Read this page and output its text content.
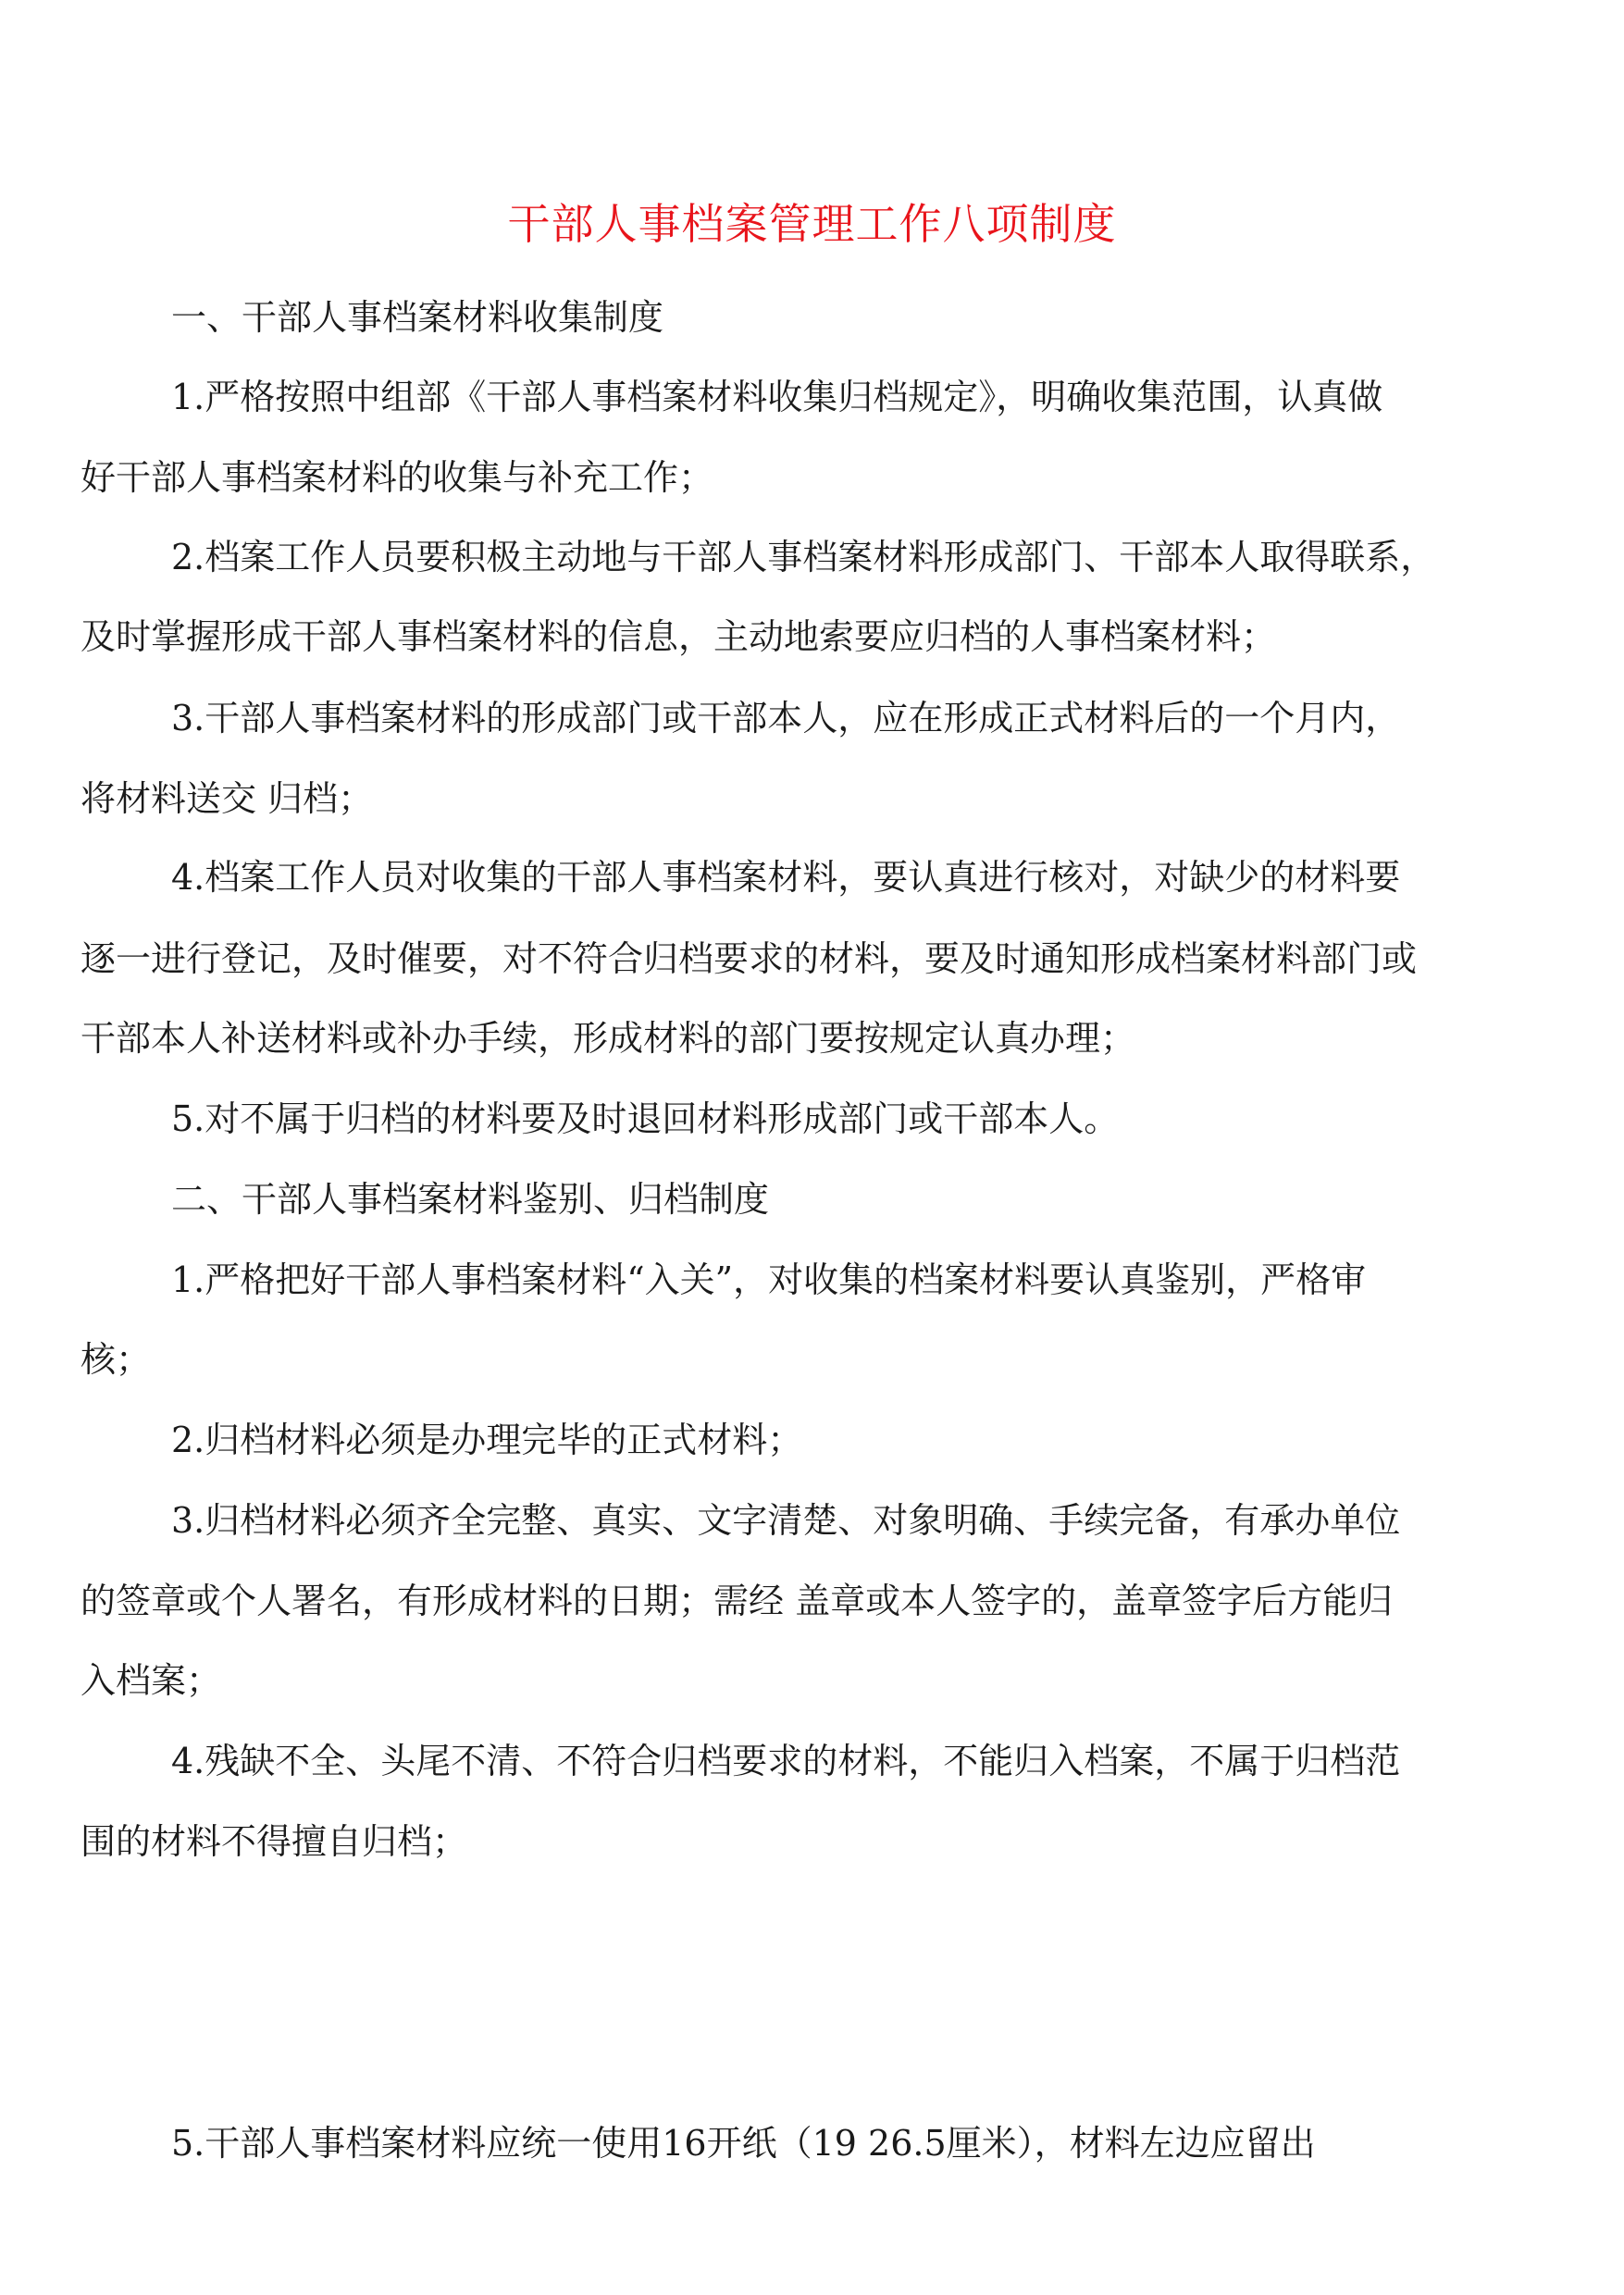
干部人事档案管理工作八项制度
一、干部人事档案材料收集制度
1.严格按照中组部《干部人事档案材料收集归档规定》，明确收集范围，认真做
好干部人事档案材料的收集与补充工作；
2.档案工作人员要积极主动地与干部人事档案材料形成部门、干部本人取得联系，
及时掌握形成干部人事档案材料的信息，主动地索要应归档的人事档案材料；
3.干部人事档案材料的形成部门或干部本人，应在形成正式材料后的一个月内，
将材料送交 归档；
4.档案工作人员对收集的干部人事档案材料，要认真进行核对，对缺少的材料要
逐一进行登记，及时催要，对不符合归档要求的材料，要及时通知形成档案材料部门或
干部本人补送材料或补办手续，形成材料的部门要按规定认真办理；
5.对不属于归档的材料要及时退回材料形成部门或干部本人。
二、干部人事档案材料鉴别、归档制度
1.严格把好干部人事档案材料“入关”，对收集的档案材料要认真鉴别，严格审
核；
2.归档材料必须是办理完毕的正式材料；
3.归档材料必须齐全完整、真实、文字清楚、对象明确、手续完备，有承办单位
的签章或个人署名，有形成材料的日期；需经 盖章或本人签字的，盖章签字后方能归
入档案；
4.残缺不全、头尾不清、不符合归档要求的材料，不能归入档案，不属于归档范
围的材料不得擅自归档；
5.干部人事档案材料应统一使用16开纸（19 26.5厘米），材料左边应留出
